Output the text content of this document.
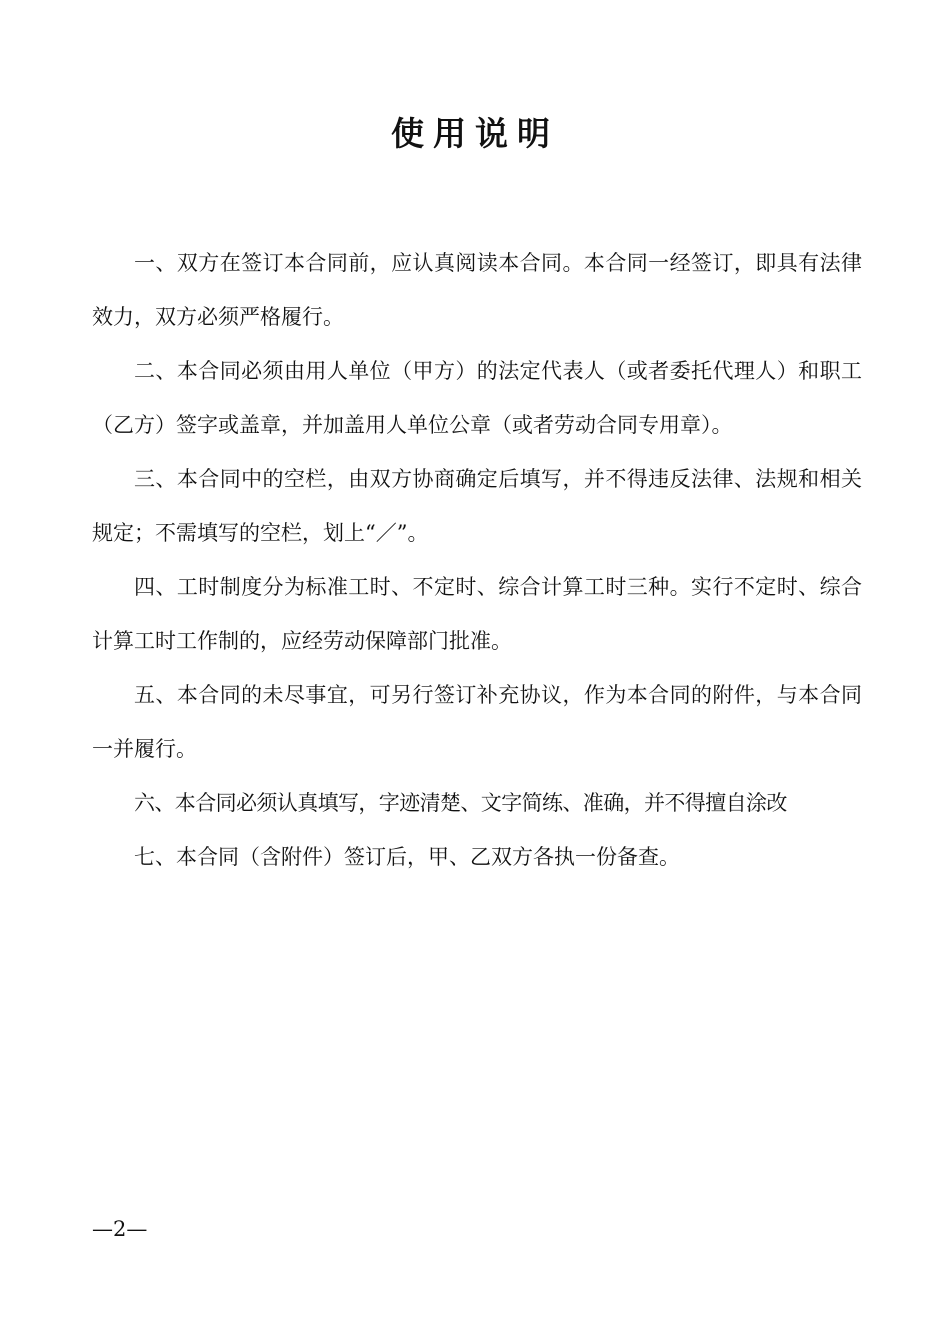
使用说明

一、双方在签订本合同前，应认真阅读本合同。本合同一经签订，即具有法律效力，双方必须严格履行。

二、本合同必须由用人单位（甲方）的法定代表人（或者委托代理人）和职工（乙方）签字或盖章，并加盖用人单位公章（或者劳动合同专用章）。

三、本合同中的空栏，由双方协商确定后填写，并不得违反法律、法规和相关规定；不需填写的空栏，划上“／”。

四、工时制度分为标准工时、不定时、综合计算工时三种。实行不定时、综合计算工时工作制的，应经劳动保障部门批准。

五、本合同的未尽事宜，可另行签订补充协议，作为本合同的附件，与本合同一并履行。

六、本合同必须认真填写，字迹清楚、文字简练、准确，并不得擅自涂改

七、本合同（含附件）签订后，甲、乙双方各执一份备查。

—2—
